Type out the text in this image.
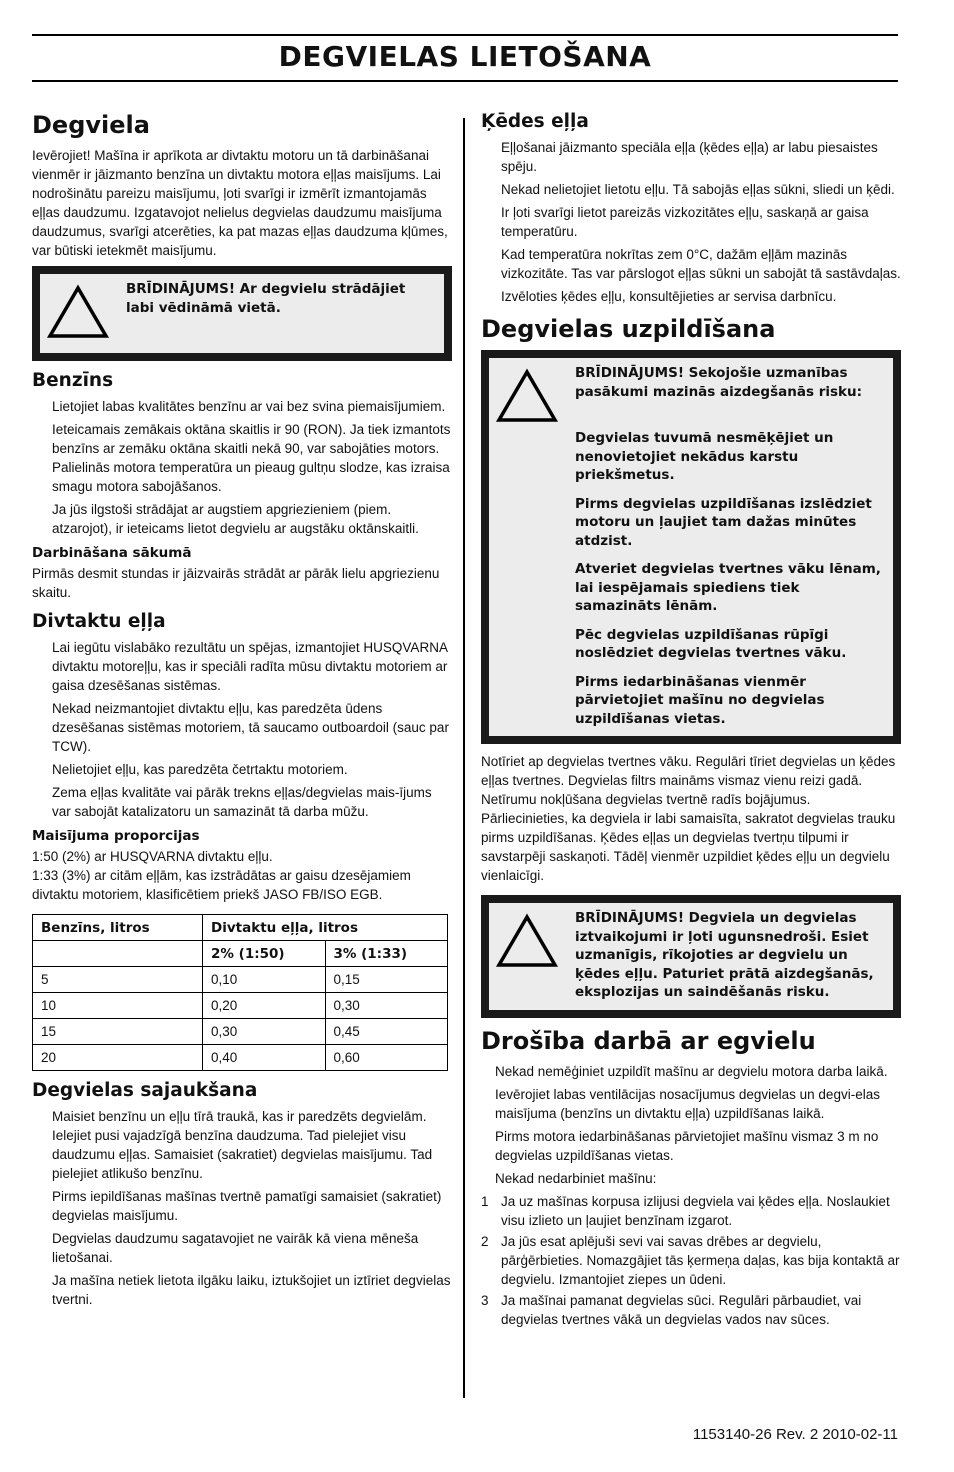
DEGVIELAS LIETOŠANA
Degviela

Ievērojiet! Mašīna ir aprīkota ar divtaktu motoru un tā darbināšanai vienmēr ir jāizmanto benzīna un divtaktu motora eļļas maisījums. Lai nodrošinātu pareizu maisījumu, ļoti svarīgi ir izmērīt izmantojamās eļļas daudzumu. Izgatavojot nelielus degvielas daudzumu maisījuma daudzumus, svarīgi atcerēties, ka pat mazas eļļas daudzuma kļūmes, var būtiski ietekmēt maisījumu.

BRĪDINĀJUMS! Ar degvielu strādājiet labi vēdināmā vietā.
Benzīns

Lietojiet labas kvalitātes benzīnu ar vai bez svina piemaisījumiem.

Ieteicamais zemākais oktāna skaitlis ir 90 (RON). Ja tiek izmantots benzīns ar zemāku oktāna skaitli nekā 90, var sabojāties motors. Palielinās motora temperatūra un pieaug gultņu slodze, kas izraisa smagu motora sabojāšanos.

Ja jūs ilgstoši strādājat ar augstiem apgriezieniem (piem. atzarojot), ir ieteicams lietot degvielu ar augstāku oktānskaitli.

Darbināšana sākumā

Pirmās desmit stundas ir jāizvairās strādāt ar pārāk lielu apgriezienu skaitu.

Divtaktu eļļa

Lai iegūtu vislabāko rezultātu un spējas, izmantojiet HUSQVARNA divtaktu motoreļļu, kas ir speciāli radīta mūsu divtaktu motoriem ar gaisa dzesēšanas sistēmas.

Nekad neizmantojiet divtaktu eļļu, kas paredzēta ūdens dzesēšanas sistēmas motoriem, tā saucamo outboardoil (sauc par TCW).

Nelietojiet eļļu, kas paredzēta četrtaktu motoriem.

Zema eļļas kvalitāte vai pārāk trekns eļļas/degvielas mais-ījums var sabojāt katalizatoru un samazināt tā darba mūžu.

Maisījuma proporcijas

1:50 (2%) ar HUSQVARNA divtaktu eļļu.

1:33 (3%) ar citām eļļām, kas izstrādātas ar gaisu dzesējamiem divtaktu motoriem, klasificētiem priekš JASO FB/ISO EGB.

Benzīns, litros	Divtaktu eļļa, litros	
	2% (1:50)	3% (1:33)
5	0,10	0,15
10	0,20	0,30
15	0,30	0,45
20	0,40	0,60
Degvielas sajaukšana

Maisiet benzīnu un eļļu tīrā traukā, kas ir paredzēts degvielām.

Ielejiet pusi vajadzīgā benzīna daudzuma. Tad pielejiet visu daudzumu eļļas. Samaisiet (sakratiet) degvielas maisījumu. Tad pielejiet atlikušo benzīnu.

Pirms iepildīšanas mašīnas tvertnē pamatīgi samaisiet (sakratiet) degvielas maisījumu.

Degvielas daudzumu sagatavojiet ne vairāk kā viena mēneša lietošanai.

Ja mašīna netiek lietota ilgāku laiku, iztukšojiet un iztīriet degvielas tvertni.

Ķēdes eļļa

Eļļošanai jāizmanto speciāla eļļa (ķēdes eļļa) ar labu piesaistes spēju.

Nekad nelietojiet lietotu eļļu. Tā sabojās eļļas sūkni, sliedi un ķēdi.

Ir ļoti svarīgi lietot pareizās vizkozitātes eļļu, saskaņā ar gaisa temperatūru.

Kad temperatūra nokrītas zem 0°C, dažām eļļām mazinās vizkozitāte. Tas var pārslogot eļļas sūkni un sabojāt tā sastāvdaļas.

Izvēloties ķēdes eļļu, konsultējieties ar servisa darbnīcu.

Degvielas uzpildīšana
BRĪDINĀJUMS! Sekojošie uzmanības pasākumi mazinās aizdegšanās risku:
Degvielas tuvumā nesmēķējiet un nenovietojiet nekādus karstu priekšmetus.
Pirms degvielas uzpildīšanas izslēdziet motoru un ļaujiet tam dažas minūtes atdzist.
Atveriet degvielas tvertnes vāku lēnam, lai iespējamais spiediens tiek samazināts lēnām.
Pēc degvielas uzpildīšanas rūpīgi noslēdziet degvielas tvertnes vāku.
Pirms iedarbināšanas vienmēr pārvietojiet mašīnu no degvielas uzpildīšanas vietas.

Notīriet ap degvielas tvertnes vāku. Regulāri tīriet degvielas un ķēdes eļļas tvertnes. Degvielas filtrs maināms vismaz vienu reizi gadā. Netīrumu nokļūšana degvielas tvertnē radīs bojājumus. Pārliecinieties, ka degviela ir labi samaisīta, sakratot degvielas trauku pirms uzpildīšanas. Ķēdes eļļas un degvielas tvertņu tilpumi ir savstarpēji saskaņoti. Tādēļ vienmēr uzpildiet ķēdes eļļu un degvielu vienlaicīgi.

BRĪDINĀJUMS! Degviela un degvielas iztvaikojumi ir ļoti ugunsnedroši. Esiet uzmanīgis, rīkojoties ar degvielu un ķēdes eļļu. Paturiet prātā aizdegšanās, eksplozijas un saindēšanās risku.
Drošība darbā ar egvielu

Nekad nemēģiniet uzpildīt mašīnu ar degvielu motora darba laikā.

Ievērojiet labas ventilācijas nosacījumus degvielas un degvi-elas maisījuma (benzīns un divtaktu eļļa) uzpildīšanas laikā.

Pirms motora iedarbināšanas pārvietojiet mašīnu vismaz 3 m no degvielas uzpildīšanas vietas.

Nekad nedarbiniet mašīnu:

1 Ja uz mašīnas korpusa izlijusi degviela vai ķēdes eļļa. Noslaukiet visu izlieto un ļaujiet benzīnam izgarot.
2 Ja jūs esat aplējuši sevi vai savas drēbes ar degvielu, pārģērbieties. Nomazgājiet tās ķermeņa daļas, kas bija kontaktā ar degvielu. Izmantojiet ziepes un ūdeni.
3 Ja mašīnai pamanat degvielas sūci. Regulāri pārbaudiet, vai degvielas tvertnes vākā un degvielas vados nav sūces.
1153140-26 Rev. 2 2010-02-11
